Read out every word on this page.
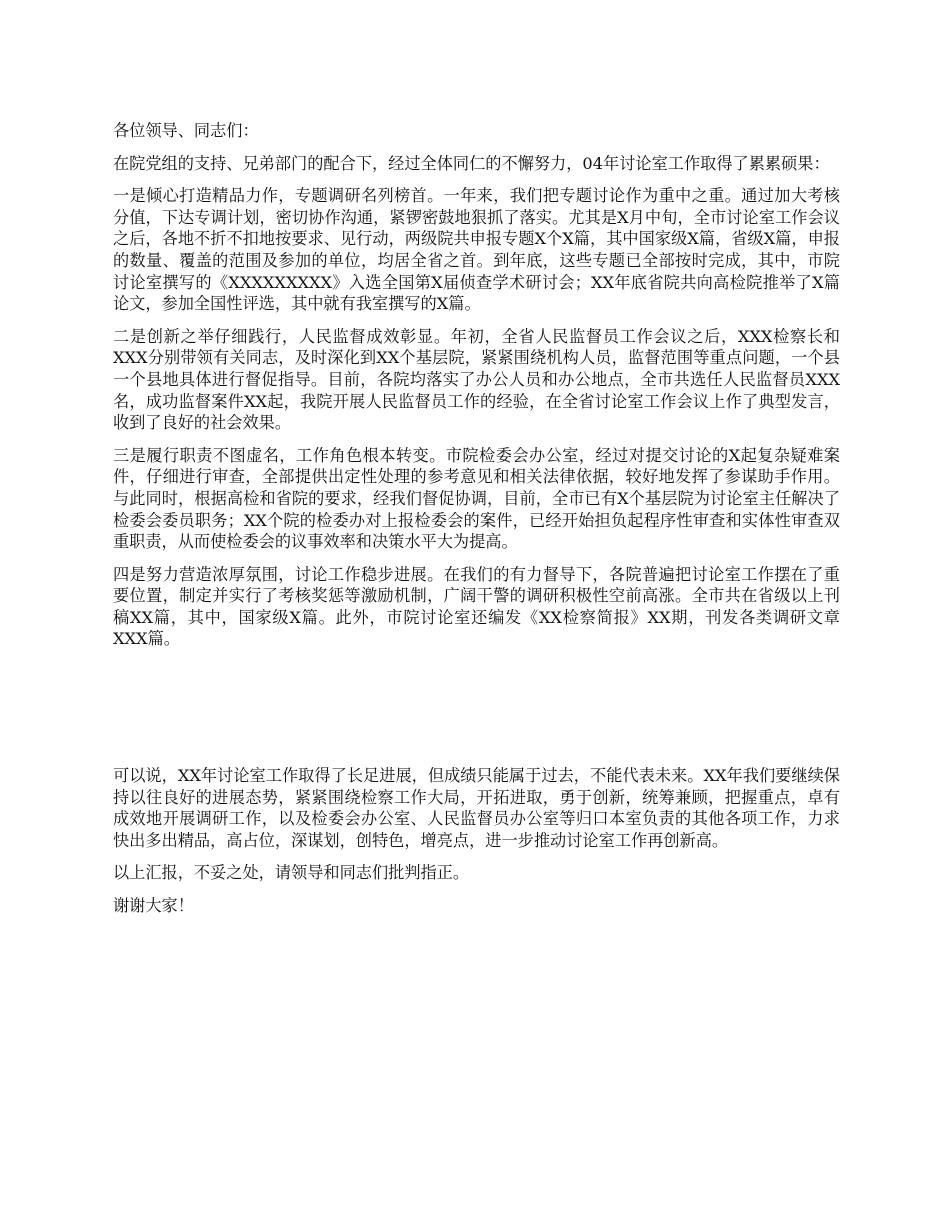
各位领导、同志们：

在院党组的支持、兄弟部门的配合下，经过全体同仁的不懈努力，04年讨论室工作取得了累累硕果：

一是倾心打造精品力作，专题调研名列榜首。一年来，我们把专题讨论作为重中之重。通过加大考核分值，下达专调计划，密切协作沟通，紧锣密鼓地狠抓了落实。尤其是X月中旬，全市讨论室工作会议之后，各地不折不扣地按要求、见行动，两级院共申报专题X个X篇，其中国家级X篇，省级X篇，申报的数量、覆盖的范围及参加的单位，均居全省之首。到年底，这些专题已全部按时完成，其中，市院讨论室撰写的《XXXXXXXXX》入选全国第X届侦查学术研讨会；XX年底省院共向高检院推举了X篇论文，参加全国性评选，其中就有我室撰写的X篇。

二是创新之举仔细践行，人民监督成效彰显。年初，全省人民监督员工作会议之后，XXX检察长和XXX分别带领有关同志，及时深化到XX个基层院，紧紧围绕机构人员，监督范围等重点问题，一个县一个县地具体进行督促指导。目前，各院均落实了办公人员和办公地点，全市共选任人民监督员XXX名，成功监督案件XX起，我院开展人民监督员工作的经验，在全省讨论室工作会议上作了典型发言，收到了良好的社会效果。

三是履行职责不图虚名，工作角色根本转变。市院检委会办公室，经过对提交讨论的X起复杂疑难案件，仔细进行审查，全部提供出定性处理的参考意见和相关法律依据，较好地发挥了参谋助手作用。与此同时，根据高检和省院的要求，经我们督促协调，目前，全市已有X个基层院为讨论室主任解决了检委会委员职务；XX个院的检委办对上报检委会的案件，已经开始担负起程序性审查和实体性审查双重职责，从而使检委会的议事效率和决策水平大为提高。

四是努力营造浓厚氛围，讨论工作稳步进展。在我们的有力督导下，各院普遍把讨论室工作摆在了重要位置，制定并实行了考核奖惩等激励机制，广阔干警的调研积极性空前高涨。全市共在省级以上刊稿XX篇，其中，国家级X篇。此外，市院讨论室还编发《XX检察简报》XX期，刊发各类调研文章XXX篇。

可以说，XX年讨论室工作取得了长足进展，但成绩只能属于过去，不能代表未来。XX年我们要继续保持以往良好的进展态势，紧紧围绕检察工作大局，开拓进取，勇于创新，统筹兼顾，把握重点，卓有成效地开展调研工作，以及检委会办公室、人民监督员办公室等归口本室负责的其他各项工作，力求快出多出精品，高占位，深谋划，创特色，增亮点，进一步推动讨论室工作再创新高。

以上汇报，不妥之处，请领导和同志们批判指正。

谢谢大家！
